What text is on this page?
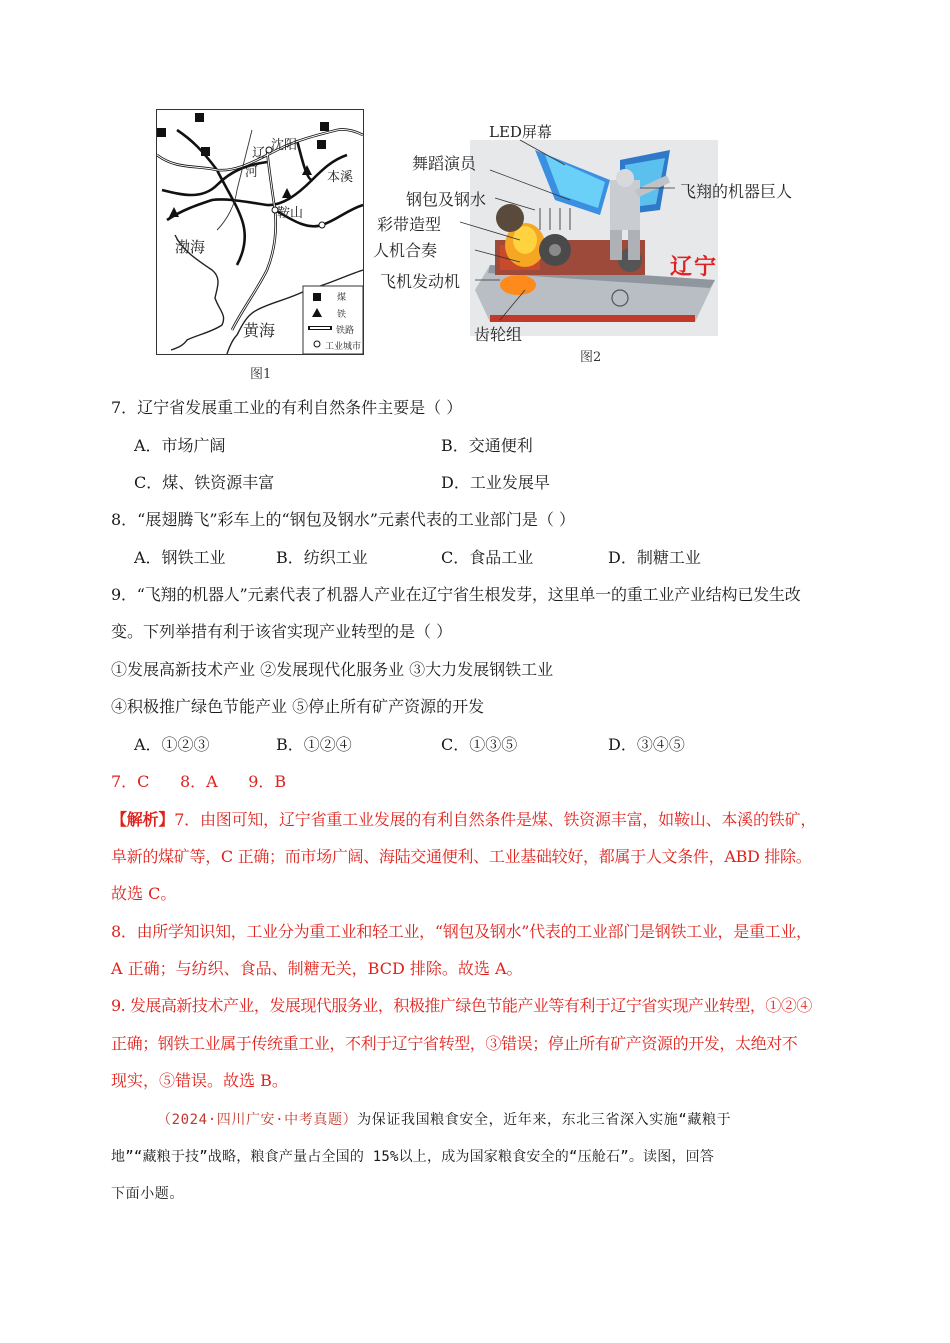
沈阳
辽
河	本溪
鞍山
渤海
黄海
煤
铁
铁路
工业城市
图1
辽宁
LED屏幕
舞蹈演员
钢包及钢水
彩带造型
人机合奏
飞机发动机
齿轮组
飞翔的机器巨人
图2
7．辽宁省发展重工业的有利自然条件主要是（ ）
A．市场广阔	B．交通便利
C．煤、铁资源丰富	D．工业发展早
8．“展翅腾飞”彩车上的“钢包及钢水”元素代表的工业部门是（ ）
A．钢铁工业	B．纺织工业	C．食品工业	D．制糖工业
9．“飞翔的机器人”元素代表了机器人产业在辽宁省生根发芽，这里单一的重工业产业结构已发生改
变。下列举措有利于该省实现产业转型的是（ ）
①发展高新技术产业 ②发展现代化服务业 ③大力发展钢铁工业
④积极推广绿色节能产业 ⑤停止所有矿产资源的开发
A．①②③	B．①②④	C．①③⑤	D．③④⑤
7．C      8．A      9．B
【解析】7．由图可知，辽宁省重工业发展的有利自然条件是煤、铁资源丰富，如鞍山、本溪的铁矿，
阜新的煤矿等，C 正确；而市场广阔、海陆交通便利、工业基础较好，都属于人文条件，ABD 排除。
故选 C。
8．由所学知识知，工业分为重工业和轻工业，“钢包及钢水”代表的工业部门是钢铁工业，是重工业，
A 正确；与纺织、食品、制糖无关，BCD 排除。故选 A。
9. 发展高新技术产业，发展现代服务业，积极推广绿色节能产业等有利于辽宁省实现产业转型，①②④
正确；钢铁工业属于传统重工业，不利于辽宁省转型，③错误；停止所有矿产资源的开发，太绝对不
现实，⑤错误。故选 B。
（2024·四川广安·中考真题）为保证我国粮食安全，近年来，东北三省深入实施“藏粮于
地”“藏粮于技”战略，粮食产量占全国的 15%以上，成为国家粮食安全的“压舱石”。读图，回答
下面小题。
